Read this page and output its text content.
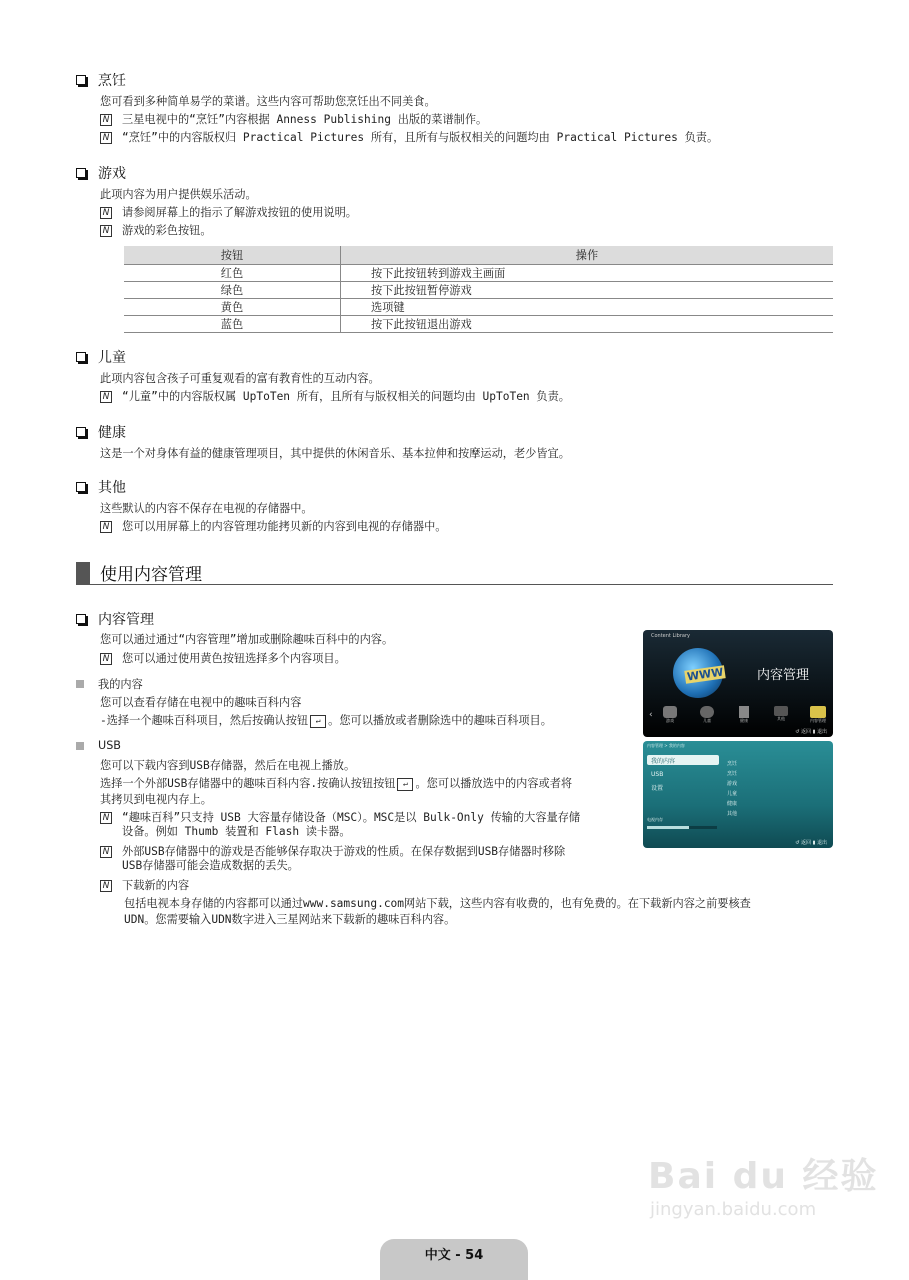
烹饪
您可看到多种简单易学的菜谱。这些内容可帮助您烹饪出不同美食。
N 三星电视中的“烹饪”内容根据 Anness Publishing 出版的菜谱制作。
N “烹饪”中的内容版权归 Practical Pictures 所有，且所有与版权相关的问题均由 Practical Pictures 负责。
游戏
此项内容为用户提供娱乐活动。
N 请参阅屏幕上的指示了解游戏按钮的使用说明。
N 游戏的彩色按钮。
按钮	操作
红色	按下此按钮转到游戏主画面
绿色	按下此按钮暂停游戏
黄色	选项键
蓝色	按下此按钮退出游戏
儿童
此项内容包含孩子可重复观看的富有教育性的互动内容。
N “儿童”中的内容版权属 UpToTen 所有，且所有与版权相关的问题均由 UpToTen 负责。
健康
这是一个对身体有益的健康管理项目，其中提供的休闲音乐、基本拉伸和按摩运动，老少皆宜。
其他
这些默认的内容不保存在电视的存储器中。
N 您可以用屏幕上的内容管理功能拷贝新的内容到电视的存储器中。
使用内容管理
内容管理
您可以通过通过“内容管理”增加或删除趣味百科中的内容。
N 您可以通过使用黄色按钮选择多个内容项目。
我的内容
您可以查看存储在电视中的趣味百科内容
-选择一个趣味百科项目，然后按确认按钮 ↵ 。您可以播放或者删除选中的趣味百科项目。
USB
您可以下载内容到USB存储器，然后在电视上播放。
选择一个外部USB存储器中的趣味百科内容.按确认按钮按钮 ↵ 。您可以播放选中的内容或者将
其拷贝到电视内存上。
N “趣味百科”只支持 USB 大容量存储设备（MSC）。MSC是以 Bulk-Only 传输的大容量存储
设备。例如 Thumb 装置和 Flash 读卡器。
N 外部USB存储器中的游戏是否能够保存取决于游戏的性质。在保存数据到USB存储器时移除
USB存储器可能会造成数据的丢失。
N 下载新的内容
包括电视本身存储的内容都可以通过www.samsung.com网站下载，这些内容有收费的，也有免费的。在下载新内容之前要核查
UDN。您需要输入UDN数字进入三星网站来下载新的趣味百科内容。
Content Library
WWW	内容管理
‹
游戏	儿童	健康	其他	内容管理
↺ 返回 ▮ 退出
内容管理 > 我的内容
我的内容
USB
设置
烹饪
烹饪
游戏
儿童
健康
其他
电视内存
↺ 返回 ▮ 退出
Bai du 经验
jingyan.baidu.com
中文 - 54
